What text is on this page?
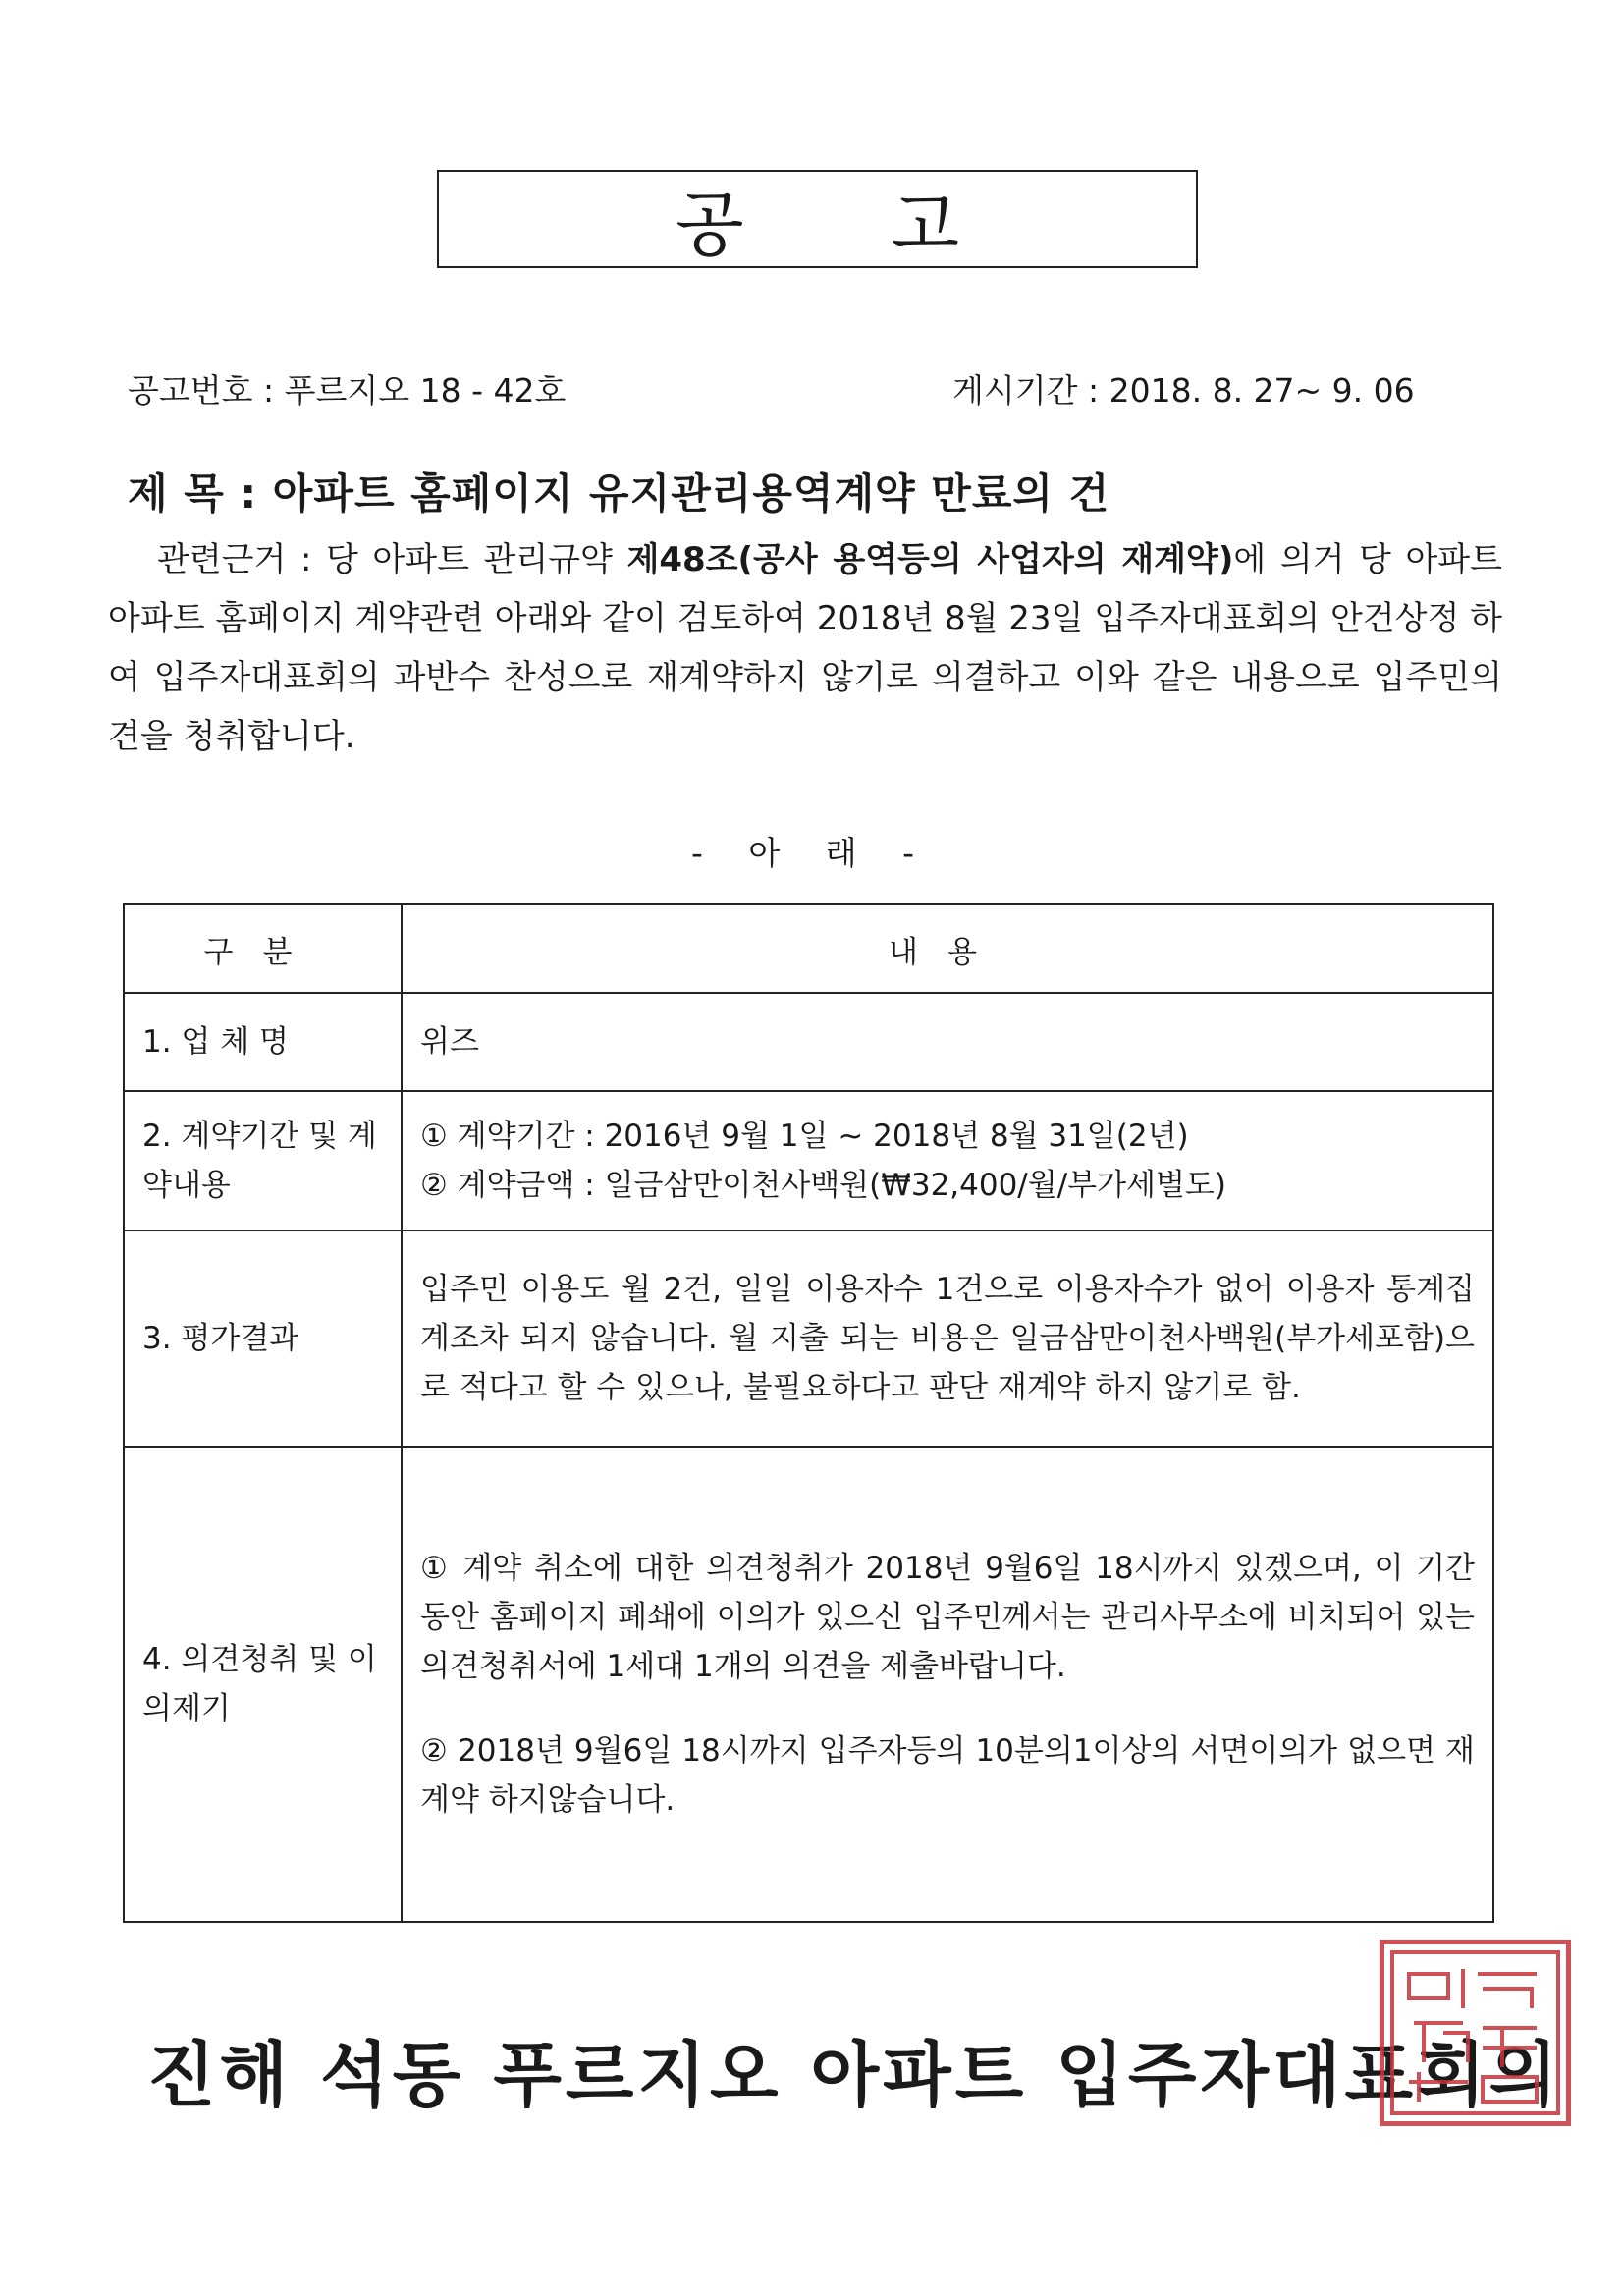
공고
공고번호 : 푸르지오 18 - 42호	게시기간 : 2018. 8. 27~ 9. 06
제 목 : 아파트 홈페이지 유지관리용역계약 만료의 건
관련근거 : 당 아파트 관리규약 제48조(공사 용역등의 사업자의 재계약)에 의거 당 아파트 아파트 홈페이지 계약관련 아래와 같이 검토하여 2018년 8월 23일 입주자대표회의 안건상정 하여 입주자대표회의 과반수 찬성으로 재계약하지 않기로 의결하고 이와 같은 내용으로 입주민의견을 청취합니다.
- 아 래 -
구분	내용
1. 업 체 명	위즈
2. 계약기간 및 계약내용	① 계약기간 : 2016년 9월 1일 ~ 2018년 8월 31일(2년)
② 계약금액 : 일금삼만이천사백원(₩32,400/월/부가세별도)

3. 평가결과	입주민 이용도 월 2건, 일일 이용자수 1건으로 이용자수가 없어 이용자 통계집계조차 되지 않습니다. 월 지출 되는 비용은 일금삼만이천사백원(부가세포함)으로 적다고 할 수 있으나, 불필요하다고 판단 재계약 하지 않기로 함.
4. 의견청취 및 이의제기	① 계약 취소에 대한 의견청취가 2018년 9월6일 18시까지 있겠으며, 이 기간 동안 홈페이지 폐쇄에 이의가 있으신 입주민께서는 관리사무소에 비치되어 있는 의견청취서에 1세대 1개의 의견을 제출바랍니다.
② 2018년 9월6일 18시까지 입주자등의 10분의1이상의 서면이의가 없으면 재계약 하지않습니다.
진해 석동 푸르지오 아파트 입주자대표회의
